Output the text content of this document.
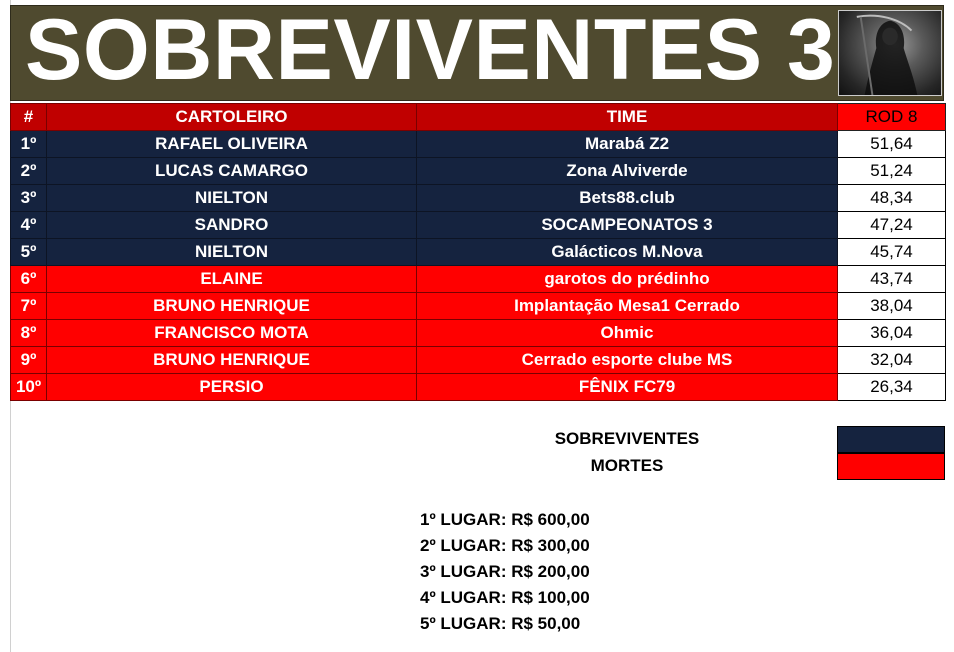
SOBREVIVENTES 3
#	CARTOLEIRO	TIME	ROD 8
1º	RAFAEL OLIVEIRA	Marabá Z2	51,64
2º	LUCAS CAMARGO	Zona Alviverde	51,24
3º	NIELTON	Bets88.club	48,34
4º	SANDRO	SOCAMPEONATOS 3	47,24
5º	NIELTON	Galácticos M.Nova	45,74
6º	ELAINE	garotos do prédinho	43,74
7º	BRUNO HENRIQUE	Implantação Mesa1 Cerrado	38,04
8º	FRANCISCO MOTA	Ohmic	36,04
9º	BRUNO HENRIQUE	Cerrado esporte clube MS	32,04
10º	PERSIO	FÊNIX FC79	26,34
SOBREVIVENTES
MORTES
1º LUGAR: R$ 600,00
2º LUGAR: R$ 300,00
3º LUGAR: R$ 200,00
4º LUGAR: R$ 100,00
5º LUGAR: R$ 50,00
